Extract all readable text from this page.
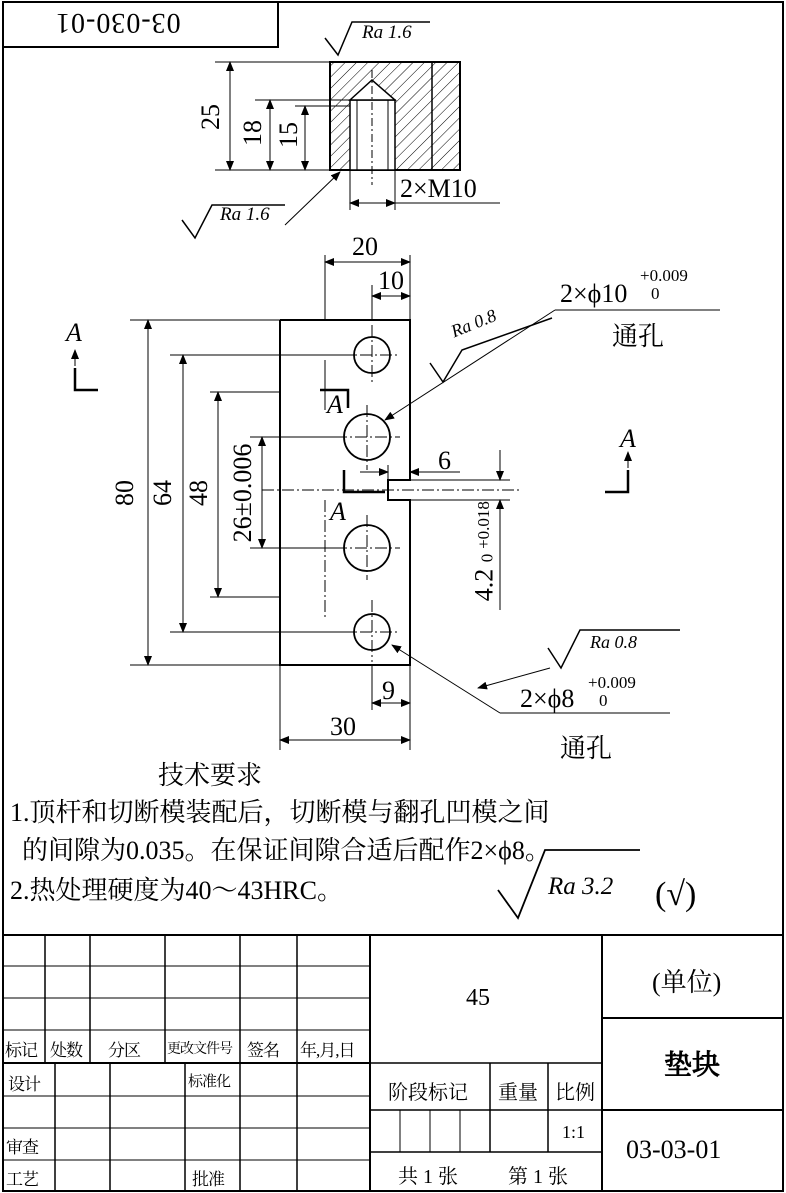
03-030-01	Ra 1.6
Ra 1.6
Ra 0.8
Ra 0.8
Ra 3.2 (√)
25
18 15
2×M10
20
10
80 64 48 26±0.006	6
4.2
+0.018
0
9
30
2×ϕ10
+0.009
0
通孔
2×ϕ8
+0.009
0
通孔
A
A
A
A
技术要求
1.顶杆和切断模装配后，切断模与翻孔凹模之间
的间隙为0.035。在保证间隙合适后配作2×ϕ8。
2.热处理硬度为40～43HRC。
45
(单位)
垫块
03-03-01
标记 处数 分区 更改文件号 签名 年,月,日
设计	标准化
审查
工艺	批准
阶段标记 重量 比例
1:1
共 1 张	第 1 张
